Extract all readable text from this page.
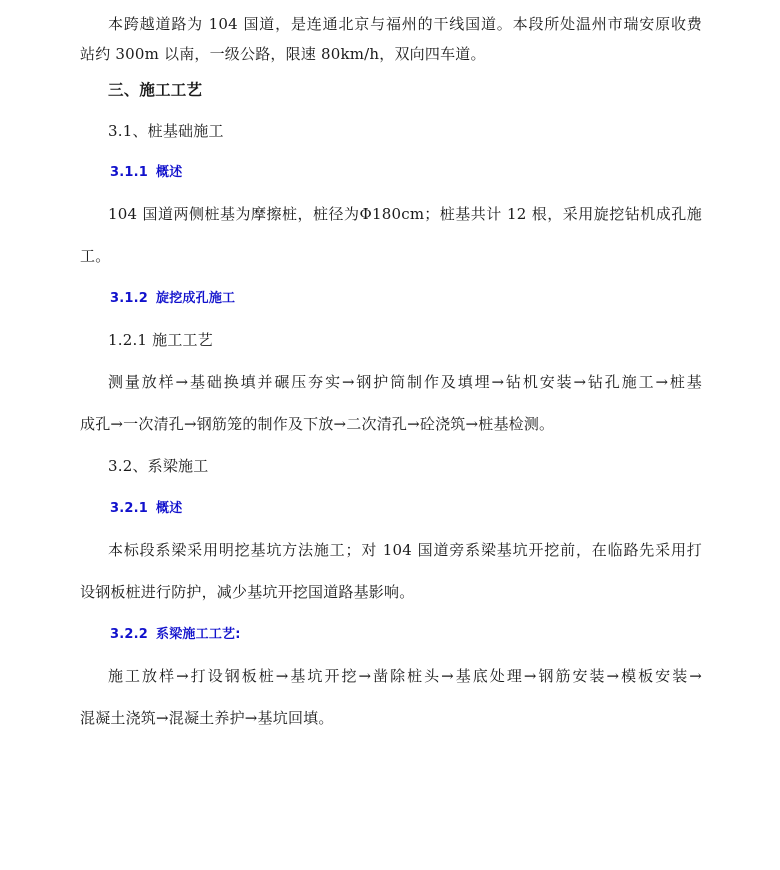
本跨越道路为 104 国道，是连通北京与福州的干线国道。本段所处温州市瑞安原收费
站约 300m 以南，一级公路，限速 80km/h，双向四车道。
三、施工工艺
3.1、桩基础施工
3.1.1 概述
104 国道两侧桩基为摩擦桩，桩径为Φ180cm；桩基共计 12 根，采用旋挖钻机成孔施
工。
3.1.2 旋挖成孔施工
1.2.1 施工工艺
测量放样→基础换填并碾压夯实→钢护筒制作及填埋→钻机安装→钻孔施工→桩基
成孔→一次清孔→钢筋笼的制作及下放→二次清孔→砼浇筑→桩基检测。
3.2、系梁施工
3.2.1 概述
本标段系梁采用明挖基坑方法施工；对 104 国道旁系梁基坑开挖前，在临路先采用打
设钢板桩进行防护，减少基坑开挖国道路基影响。
3.2.2 系梁施工工艺:
施工放样→打设钢板桩→基坑开挖→凿除桩头→基底处理→钢筋安装→模板安装→
混凝土浇筑→混凝土养护→基坑回填。
